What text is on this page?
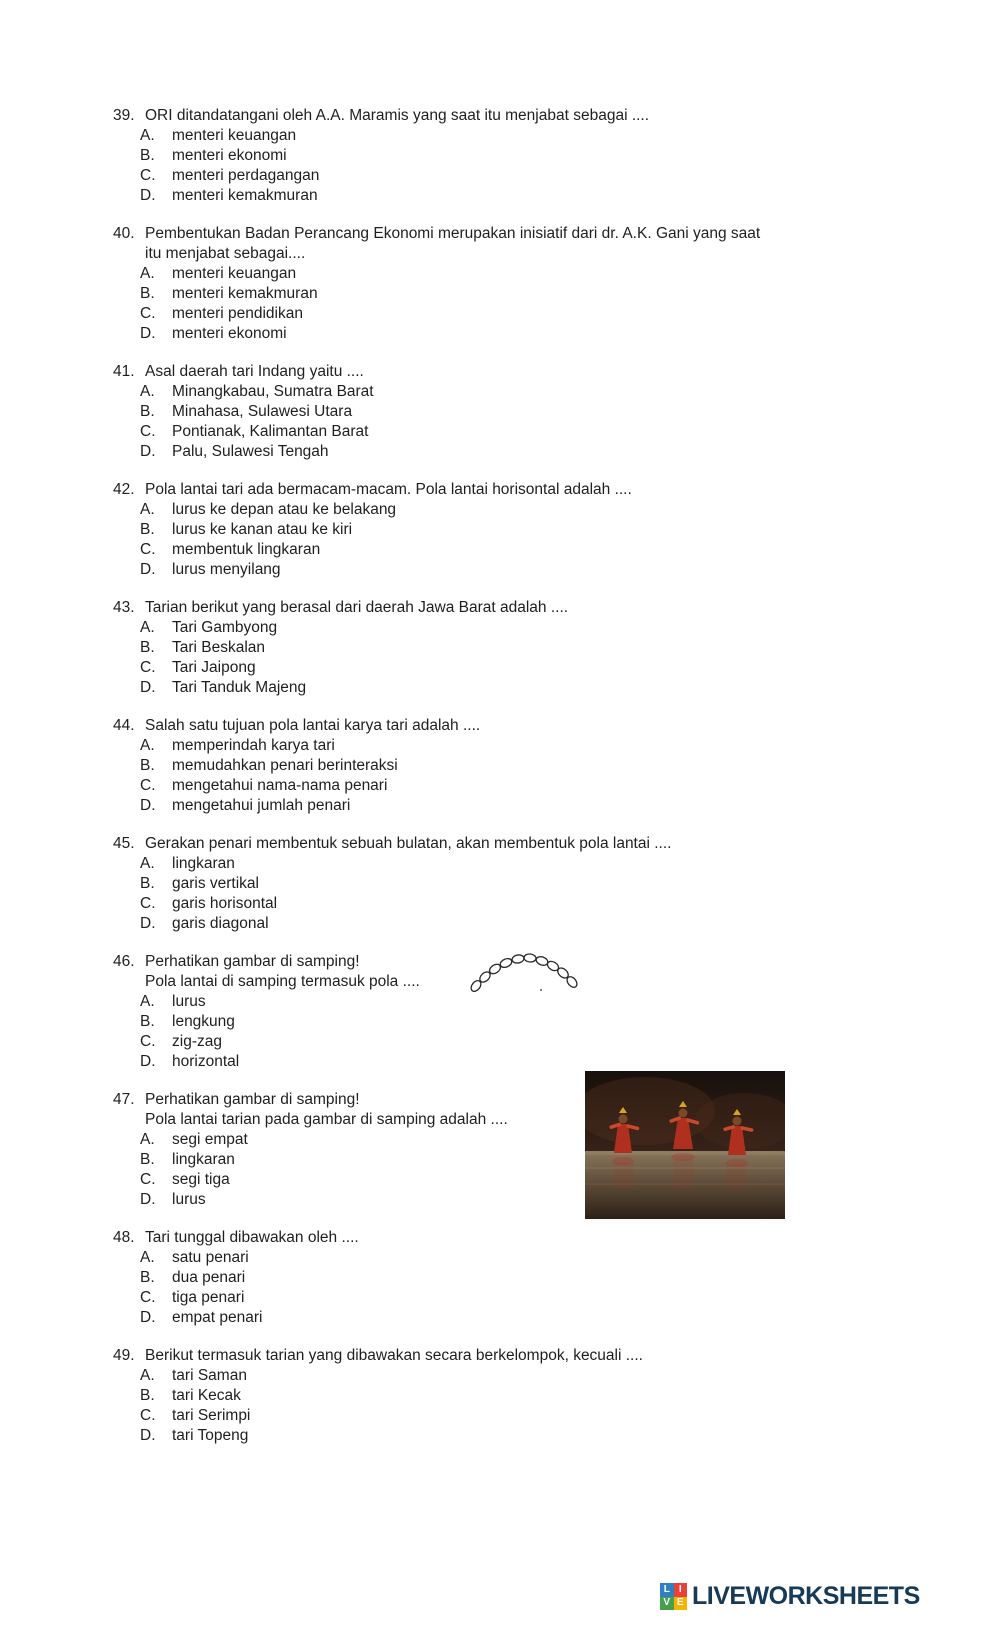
39. ORI ditandatangani oleh A.A. Maramis yang saat itu menjabat sebagai ....
A.	menteri keuangan
B.	menteri ekonomi
C.	menteri perdagangan
D.	menteri kemakmuran
40. Pembentukan Badan Perancang Ekonomi merupakan inisiatif dari dr. A.K. Gani yang saat
itu menjabat sebagai....
A.	menteri keuangan
B.	menteri kemakmuran
C.	menteri pendidikan
D.	menteri ekonomi
41. Asal daerah tari Indang yaitu ....
A.	Minangkabau, Sumatra Barat
B.	Minahasa, Sulawesi Utara
C.	Pontianak, Kalimantan Barat
D.	Palu, Sulawesi Tengah
42. Pola lantai tari ada bermacam-macam. Pola lantai horisontal adalah ....
A.	lurus ke depan atau ke belakang
B.	lurus ke kanan atau ke kiri
C.	membentuk lingkaran
D.	lurus menyilang
43. Tarian berikut yang berasal dari daerah Jawa Barat adalah ....
A.	Tari Gambyong
B.	Tari Beskalan
C.	Tari Jaipong
D.	Tari Tanduk Majeng
44. Salah satu tujuan pola lantai karya tari adalah ....
A.	memperindah karya tari
B.	memudahkan penari berinteraksi
C.	mengetahui nama-nama penari
D.	mengetahui jumlah penari
45. Gerakan penari membentuk sebuah bulatan, akan membentuk pola lantai ....
A.	lingkaran
B.	garis vertikal
C.	garis horisontal
D.	garis diagonal
46. Perhatikan gambar di samping!
Pola lantai di samping termasuk pola ....
A.	lurus
B.	lengkung
C.	zig-zag
D.	horizontal
47. Perhatikan gambar di samping!
Pola lantai tarian pada gambar di samping adalah ....
A.	segi empat
B.	lingkaran
C.	segi tiga
D.	lurus
48. Tari tunggal dibawakan oleh ....
A.	satu penari
B.	dua penari
C.	tiga penari
D.	empat penari
49. Berikut termasuk tarian yang dibawakan secara berkelompok, kecuali ....
A.	tari Saman
B.	tari Kecak
C.	tari Serimpi
D.	tari Topeng
L I
V E LIVEWORKSHEETS
